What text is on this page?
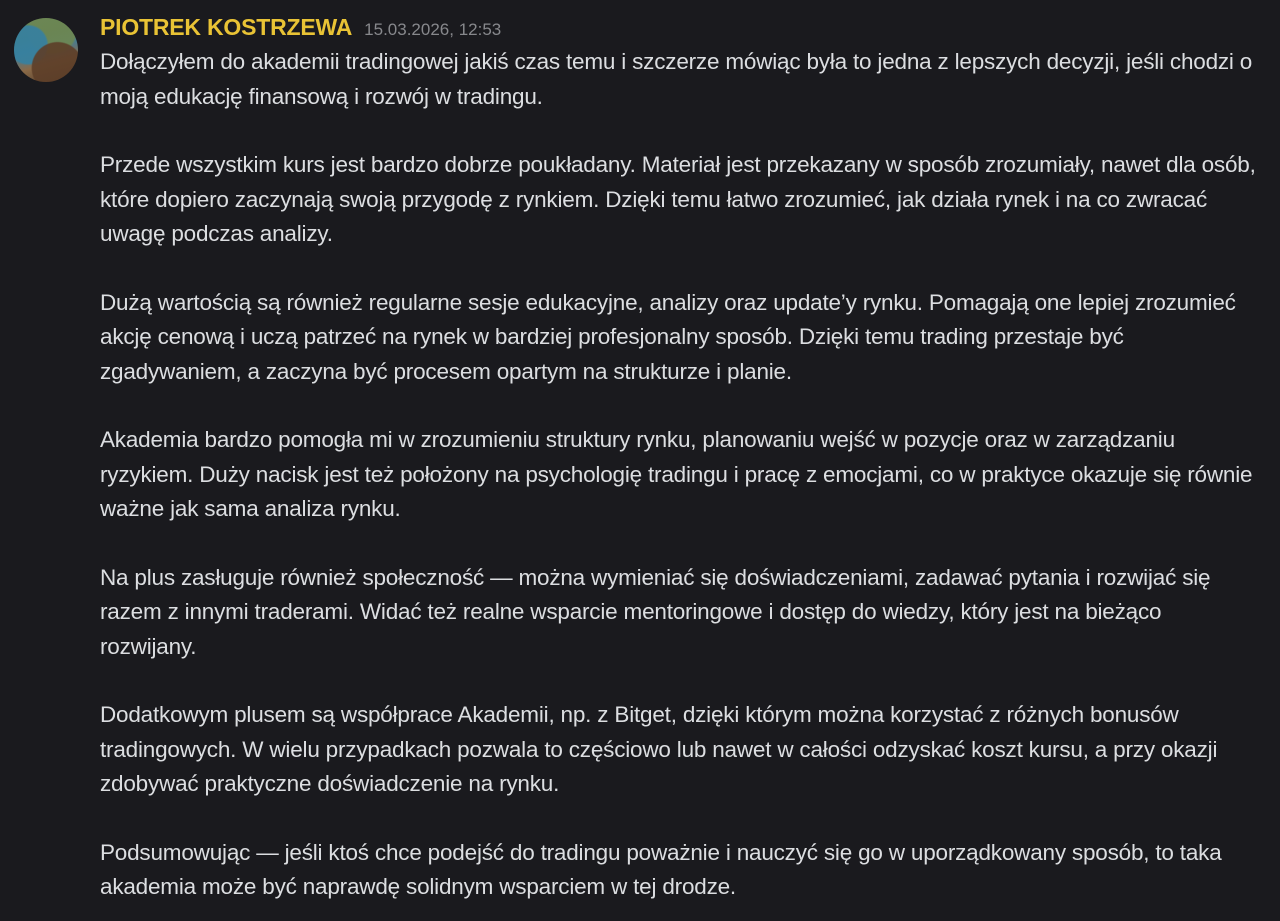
PIOTREK KOSTRZEWA 15.03.2026, 12:53

Dołączyłem do akademii tradingowej jakiś czas temu i szczerze mówiąc była to jedna z lepszych decyzji, jeśli chodzi o moją edukację finansową i rozwój w tradingu.

Przede wszystkim kurs jest bardzo dobrze poukładany. Materiał jest przekazany w sposób zrozumiały, nawet dla osób, które dopiero zaczynają swoją przygodę z rynkiem. Dzięki temu łatwo zrozumieć, jak działa rynek i na co zwracać uwagę podczas analizy.

Dużą wartością są również regularne sesje edukacyjne, analizy oraz update’y rynku. Pomagają one lepiej zrozumieć akcję cenową i uczą patrzeć na rynek w bardziej profesjonalny sposób. Dzięki temu trading przestaje być zgadywaniem, a zaczyna być procesem opartym na strukturze i planie.

Akademia bardzo pomogła mi w zrozumieniu struktury rynku, planowaniu wejść w pozycje oraz w zarządzaniu ryzykiem. Duży nacisk jest też położony na psychologię tradingu i pracę z emocjami, co w praktyce okazuje się równie ważne jak sama analiza rynku.

Na plus zasługuje również społeczność — można wymieniać się doświadczeniami, zadawać pytania i rozwijać się razem z innymi traderami. Widać też realne wsparcie mentoringowe i dostęp do wiedzy, który jest na bieżąco rozwijany.

Dodatkowym plusem są współprace Akademii, np. z Bitget, dzięki którym można korzystać z różnych bonusów tradingowych. W wielu przypadkach pozwala to częściowo lub nawet w całości odzyskać koszt kursu, a przy okazji zdobywać praktyczne doświadczenie na rynku.

Podsumowując — jeśli ktoś chce podejść do tradingu poważnie i nauczyć się go w uporządkowany sposób, to taka akademia może być naprawdę solidnym wsparciem w tej drodze.
